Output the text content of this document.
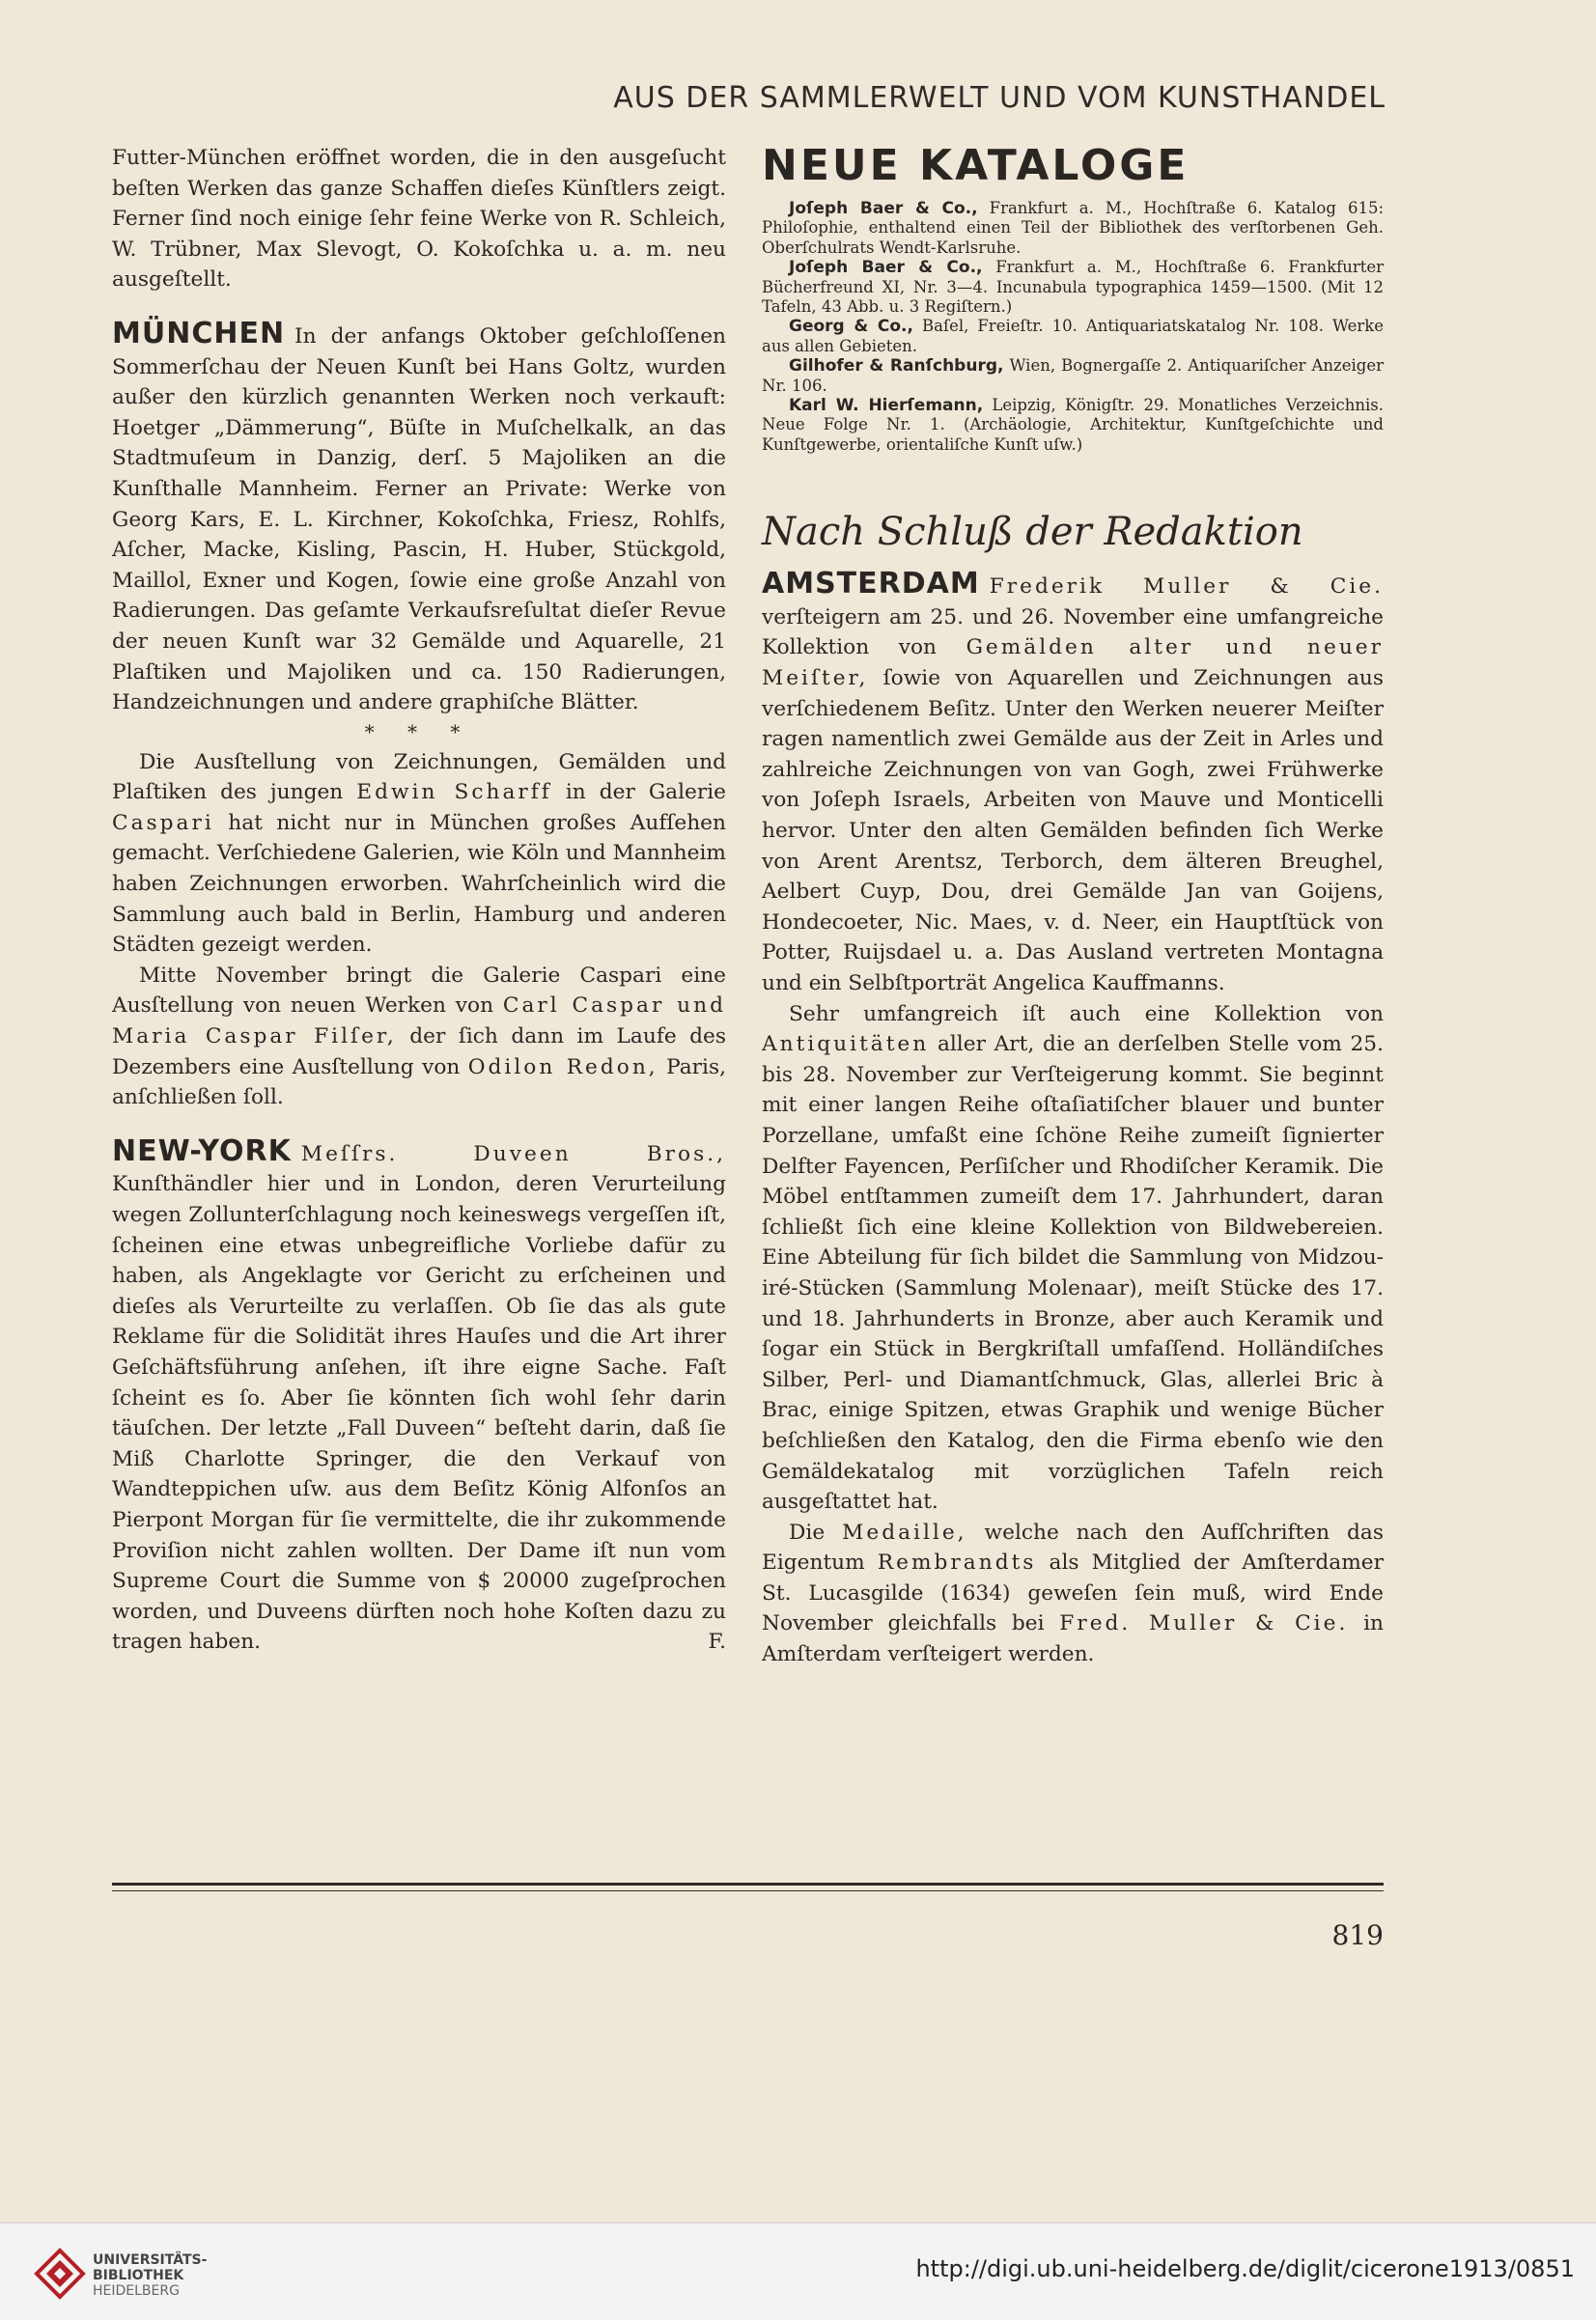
AUS DER SAMMLERWELT UND VOM KUNSTHANDEL

Futter-München eröffnet worden, die in den ausgeſucht beſten Werken das ganze Schaffen dieſes Künſtlers zeigt. Ferner ſind noch einige ſehr feine Werke von R. Schleich, W. Trübner, Max Slevogt, O. Kokoſchka u. a. m. neu ausgeſtellt.

MÜNCHEN In der anfangs Oktober geſchloſſenen Sommerſchau der Neuen Kunſt bei Hans Goltz, wurden außer den kürzlich genannten Werken noch verkauft: Hoetger „Dämmerung“, Büſte in Muſchelkalk, an das Stadtmuſeum in Danzig, derſ. 5 Majoliken an die Kunſthalle Mannheim. Ferner an Private: Werke von Georg Kars, E. L. Kirchner, Kokoſchka, Friesz, Rohlfs, Aſcher, Macke, Kisling, Pascin, H. Huber, Stückgold, Maillol, Exner und Kogen, ſowie eine große Anzahl von Radierungen. Das geſamte Verkaufsreſultat dieſer Revue der neuen Kunſt war 32 Gemälde und Aquarelle, 21 Plaſtiken und Majoliken und ca. 150 Radierungen, Handzeichnungen und andere graphiſche Blätter.

* * *

Die Ausſtellung von Zeichnungen, Gemälden und Plaſtiken des jungen Edwin Scharff in der Galerie Caspari hat nicht nur in München großes Aufſehen gemacht. Verſchiedene Galerien, wie Köln und Mannheim haben Zeichnungen erworben. Wahrſcheinlich wird die Sammlung auch bald in Berlin, Hamburg und anderen Städten gezeigt werden.

Mitte November bringt die Galerie Caspari eine Ausſtellung von neuen Werken von Carl Caspar und Maria Caspar Filſer, der ſich dann im Laufe des Dezembers eine Ausſtellung von Odilon Redon, Paris, anſchließen ſoll.

NEW-YORK Meſſrs. Duveen Bros., Kunſthändler hier und in London, deren Verurteilung wegen Zollunterſchlagung noch keineswegs vergeſſen iſt, ſcheinen eine etwas unbegreifliche Vorliebe dafür zu haben, als Angeklagte vor Gericht zu erſcheinen und dieſes als Verurteilte zu verlaſſen. Ob ſie das als gute Reklame für die Solidität ihres Hauſes und die Art ihrer Geſchäftsführung anſehen, iſt ihre eigne Sache. Faſt ſcheint es ſo. Aber ſie könnten ſich wohl ſehr darin täuſchen. Der letzte „Fall Duveen“ beſteht darin, daß ſie Miß Charlotte Springer, die den Verkauf von Wandteppichen uſw. aus dem Beſitz König Alfonſos an Pierpont Morgan für ſie vermittelte, die ihr zukommende Proviſion nicht zahlen wollten. Der Dame iſt nun vom Supreme Court die Summe von $ 20000 zugeſprochen worden, und Duveens dürften noch hohe Koſten dazu zu tragen haben.	F.

NEUE KATALOGE

Joſeph Baer & Co., Frankfurt a. M., Hochſtraße 6. Katalog 615: Philoſophie, enthaltend einen Teil der Bibliothek des verſtorbenen Geh. Oberſchulrats Wendt-Karlsruhe.

Joſeph Baer & Co., Frankfurt a. M., Hochſtraße 6. Frankfurter Bücherfreund XI, Nr. 3—4. Incunabula typographica 1459—1500. (Mit 12 Tafeln, 43 Abb. u. 3 Regiſtern.)

Georg & Co., Baſel, Freieſtr. 10. Antiquariatskatalog Nr. 108. Werke aus allen Gebieten.

Gilhofer & Ranſchburg, Wien, Bognergaſſe 2. Antiquariſcher Anzeiger Nr. 106.

Karl W. Hierſemann, Leipzig, Königſtr. 29. Monatliches Verzeichnis. Neue Folge Nr. 1. (Archäologie, Architektur, Kunſtgeſchichte und Kunſtgewerbe, orientaliſche Kunſt uſw.)

Nach Schluß der Redaktion

AMSTERDAM Frederik Muller & Cie. verſteigern am 25. und 26. November eine umfangreiche Kollektion von Gemälden alter und neuer Meiſter, ſowie von Aquarellen und Zeichnungen aus verſchiedenem Beſitz. Unter den Werken neuerer Meiſter ragen namentlich zwei Gemälde aus der Zeit in Arles und zahlreiche Zeichnungen von van Gogh, zwei Frühwerke von Joſeph Israels, Arbeiten von Mauve und Monticelli hervor. Unter den alten Gemälden befinden ſich Werke von Arent Arentsz, Terborch, dem älteren Breughel, Aelbert Cuyp, Dou, drei Gemälde Jan van Goijens, Hondecoeter, Nic. Maes, v. d. Neer, ein Hauptſtück von Potter, Ruijsdael u. a. Das Ausland vertreten Montagna und ein Selbſtporträt Angelica Kauffmanns.

Sehr umfangreich iſt auch eine Kollektion von Antiquitäten aller Art, die an derſelben Stelle vom 25. bis 28. November zur Verſteigerung kommt. Sie beginnt mit einer langen Reihe oſtaſiatiſcher blauer und bunter Porzellane, umfaßt eine ſchöne Reihe zumeiſt ſignierter Delfter Fayencen, Perſiſcher und Rhodiſcher Keramik. Die Möbel entſtammen zumeiſt dem 17. Jahrhundert, daran ſchließt ſich eine kleine Kollektion von Bildwebereien. Eine Abteilung für ſich bildet die Sammlung von Midzou-iré-Stücken (Sammlung Molenaar), meiſt Stücke des 17. und 18. Jahrhunderts in Bronze, aber auch Keramik und ſogar ein Stück in Bergkriſtall umfaſſend. Holländiſches Silber, Perl- und Diamantſchmuck, Glas, allerlei Bric à Brac, einige Spitzen, etwas Graphik und wenige Bücher beſchließen den Katalog, den die Firma ebenſo wie den Gemäldekatalog mit vorzüglichen Tafeln reich ausgeſtattet hat.

Die Medaille, welche nach den Aufſchriften das Eigentum Rembrandts als Mitglied der Amſterdamer St. Lucasgilde (1634) geweſen ſein muß, wird Ende November gleichfalls bei Fred. Muller & Cie. in Amſterdam verſteigert werden.

819
UNIVERSITÄTS-
BIBLIOTHEK
HEIDELBERG
http://digi.ub.uni-heidelberg.de/diglit/cicerone1913/0851
